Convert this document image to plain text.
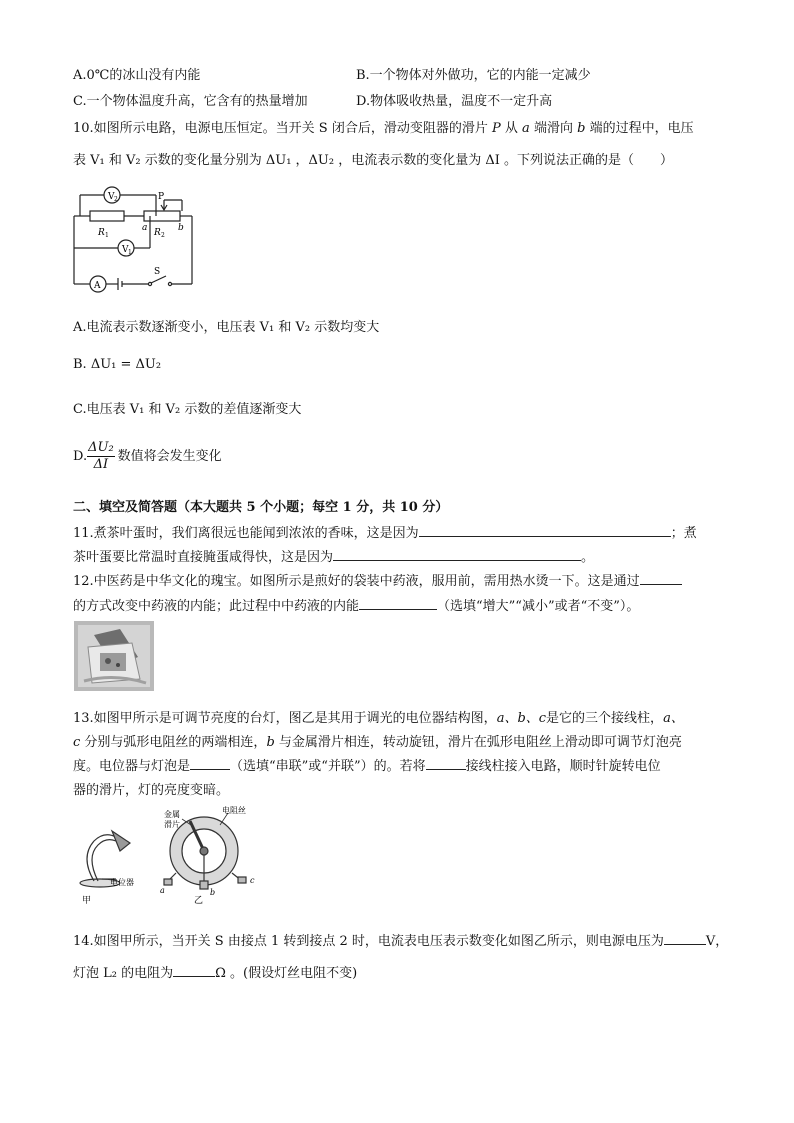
A.0℃的冰山没有内能	B.一个物体对外做功，它的内能一定减少
C.一个物体温度升高，它含有的热量增加	D.物体吸收热量，温度不一定升高
10.如图所示电路，电源电压恒定。当开关 S 闭合后，滑动变阻器的滑片 P 从 a 端滑向 b 端的过程中，电压
表 V₁ 和 V₂ 示数的变化量分别为 ΔU₁ ，ΔU₂ ，电流表示数的变化量为 ΔI 。下列说法正确的是（　　）
V 2
V 1
A
P
R 1	R 2
a	b
S
A.电流表示数逐渐变小，电压表 V₁ 和 V₂ 示数均变大
B. ΔU₁ = ΔU₂
C.电压表 V₁ 和 V₂ 示数的差值逐渐变大
D. $\frac{\text{ΔU₂}}{\Delta I}$ 数值将会发生变化
二、填空及简答题（本大题共 5 个小题；每空 1 分，共 10 分）
11.煮茶叶蛋时，我们离很远也能闻到浓浓的香味，这是因为	；煮
茶叶蛋要比常温时直接腌蛋咸得快，这是因为	。
12.中医药是中华文化的瑰宝。如图所示是煎好的袋装中药液，服用前，需用热水烫一下。这是通过
的方式改变中药液的内能；此过程中中药液的内能	（选填“增大”“减小”或者“不变”）。
13.如图甲所示是可调节亮度的台灯，图乙是其用于调光的电位器结构图，a、b、c是它的三个接线柱，a、
c 分别与弧形电阻丝的两端相连，b 与金属滑片相连，转动旋钮，滑片在弧形电阻丝上滑动即可调节灯泡亮
度。电位器与灯泡是	（选填“串联”或“并联”）的。若将	接线柱接入电路，顺时针旋转电位
器的滑片，灯的亮度变暗。
电位器
甲
金属
滑片
电阻丝
a	b
c
乙
14.如图甲所示，当开关 S 由接点 1 转到接点 2 时，电流表电压表示数变化如图乙所示，则电源电压为	V，
灯泡 L₂ 的电阻为	Ω 。(假设灯丝电阻不变)
